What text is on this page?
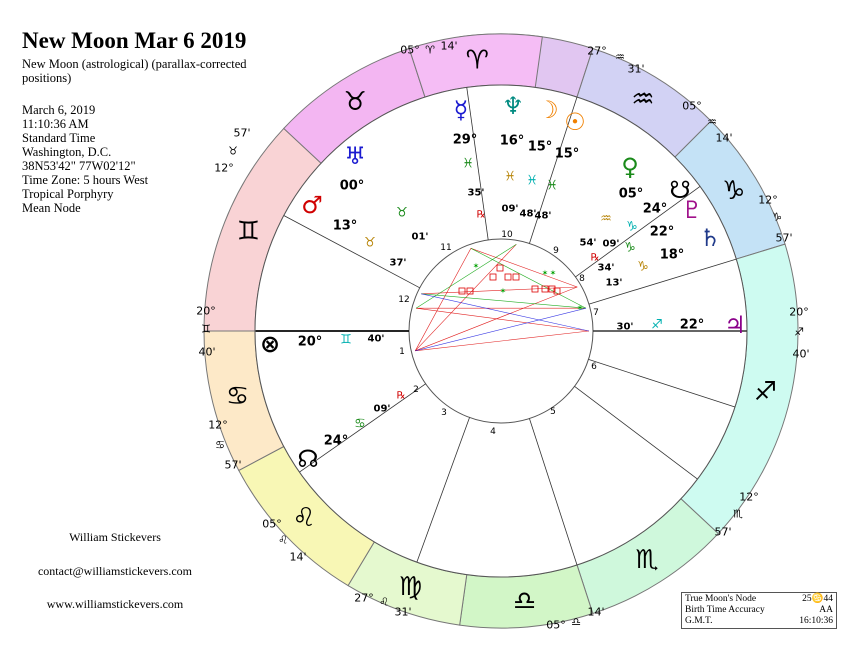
New Moon Mar 6 2019
New Moon (astrological) (parallax-corrected
positions)
March 6, 2019
11:10:36 AM
Standard Time
Washington, D.C.
38N53'42" 77W02'12"
Time Zone: 5 hours West
Tropical Porphyry
Mean Node
William Stickevers
contact@williamstickevers.com
www.williamstickevers.com	True Moon's Node	25♋44
Birth Time Accuracy	AA
G.M.T.	16:10:36
♒
♑
♐
♏
♎
♍
♌
♋
♊
♉
♈
1
2
3
4
5
6
7
8
9
10
11
12
05° ♈ 14'	27° ♒
31'
05°
♒
14'
12°
♑
57'
20°
♐
40'
12°
♏
57'
05° ♎
14'
27° ♌
31'
05°
♌
14'
12°
♋
57'
20°
♊
40'
12°
♉
57'
☿
29°
♓
35'
℞
♆
16°
♓
09'
☽
15°
♓
48'
☉
15°
♓
48'
♀
05°
♒
54'
☋
24°
♑
09'
℞
♇
22°
♑
34'
♄
18°
♑
13'
♃
22°
♐
30'
♅
00°
♉
01'
♂
13°
♉
37'
⊗ 20° ♊ 40'
☊
24°
♋
09'
℞
✶
✶ ✶
✶
✶
